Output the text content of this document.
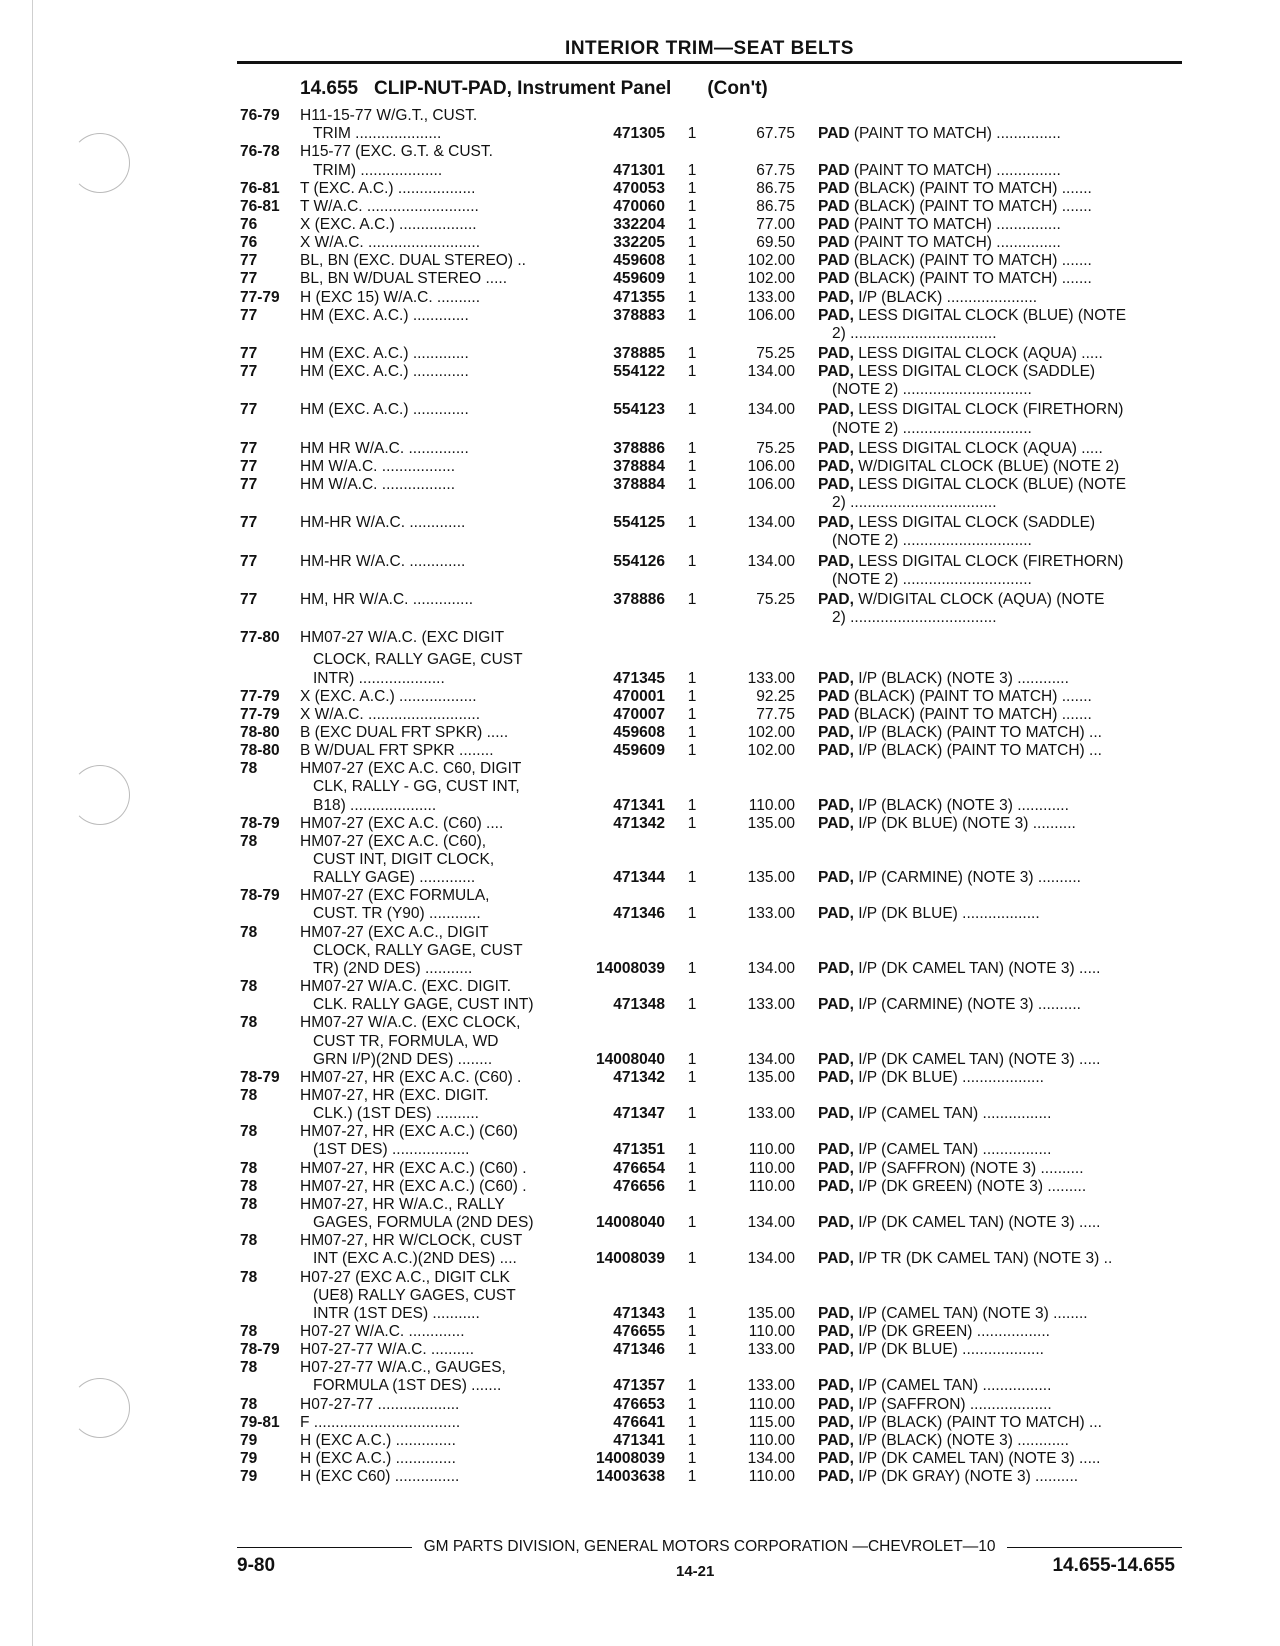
INTERIOR TRIM—SEAT BELTS
14.655 CLIP-NUT-PAD, Instrument Panel (Con't)
76-79	H11-15-77 W/G.T., CUST.
TRIM ....................	471305 1	67.75 PAD (PAINT TO MATCH) ...............
76-78	H15-77 (EXC. G.T. & CUST.
TRIM) ...................	471301 1	67.75 PAD (PAINT TO MATCH) ...............
76-81	T (EXC. A.C.) ..................	470053 1	86.75 PAD (BLACK) (PAINT TO MATCH) .......
76-81	T W/A.C. ..........................	470060 1	86.75 PAD (BLACK) (PAINT TO MATCH) .......
76	X (EXC. A.C.) ..................	332204 1	77.00 PAD (PAINT TO MATCH) ...............
76	X W/A.C. ..........................	332205 1	69.50 PAD (PAINT TO MATCH) ...............
77	BL, BN (EXC. DUAL STEREO) ..	459608 1	102.00 PAD (BLACK) (PAINT TO MATCH) .......
77	BL, BN W/DUAL STEREO .....	459609 1	102.00 PAD (BLACK) (PAINT TO MATCH) .......
77-79	H (EXC 15) W/A.C. ..........	471355 1	133.00 PAD, I/P (BLACK) .....................
77	HM (EXC. A.C.) .............	378883 1	106.00 PAD, LESS DIGITAL CLOCK (BLUE) (NOTE
2) ..................................
77	HM (EXC. A.C.) .............	378885 1	75.25 PAD, LESS DIGITAL CLOCK (AQUA) .....
77	HM (EXC. A.C.) .............	554122 1	134.00 PAD, LESS DIGITAL CLOCK (SADDLE)
(NOTE 2) ..............................
77	HM (EXC. A.C.) .............	554123 1	134.00 PAD, LESS DIGITAL CLOCK (FIRETHORN)
(NOTE 2) ..............................
77	HM HR W/A.C. ..............	378886 1	75.25 PAD, LESS DIGITAL CLOCK (AQUA) .....
77	HM W/A.C. .................	378884 1	106.00 PAD, W/DIGITAL CLOCK (BLUE) (NOTE 2)
77	HM W/A.C. .................	378884 1	106.00 PAD, LESS DIGITAL CLOCK (BLUE) (NOTE
2) ..................................
77	HM-HR W/A.C. .............	554125 1	134.00 PAD, LESS DIGITAL CLOCK (SADDLE)
(NOTE 2) ..............................
77	HM-HR W/A.C. .............	554126 1	134.00 PAD, LESS DIGITAL CLOCK (FIRETHORN)
(NOTE 2) ..............................
77	HM, HR W/A.C. ..............	378886 1	75.25 PAD, W/DIGITAL CLOCK (AQUA) (NOTE
2) ..................................
77-80	HM07-27 W/A.C. (EXC DIGIT
CLOCK, RALLY GAGE, CUST
INTR) ....................	471345 1	133.00 PAD, I/P (BLACK) (NOTE 3) ............
77-79	X (EXC. A.C.) ..................	470001 1	92.25 PAD (BLACK) (PAINT TO MATCH) .......
77-79	X W/A.C. ..........................	470007 1	77.75 PAD (BLACK) (PAINT TO MATCH) .......
78-80	B (EXC DUAL FRT SPKR) .....	459608 1	102.00 PAD, I/P (BLACK) (PAINT TO MATCH) ...
78-80	B W/DUAL FRT SPKR ........	459609 1	102.00 PAD, I/P (BLACK) (PAINT TO MATCH) ...
78	HM07-27 (EXC A.C. C60, DIGIT
CLK, RALLY - GG, CUST INT,
B18) ....................	471341 1	110.00 PAD, I/P (BLACK) (NOTE 3) ............
78-79	HM07-27 (EXC A.C. (C60) ....	471342 1	135.00 PAD, I/P (DK BLUE) (NOTE 3) ..........
78	HM07-27 (EXC A.C. (C60),
CUST INT, DIGIT CLOCK,
RALLY GAGE) .............	471344 1	135.00 PAD, I/P (CARMINE) (NOTE 3) ..........
78-79	HM07-27 (EXC FORMULA,
CUST. TR (Y90) ............	471346 1	133.00 PAD, I/P (DK BLUE) ..................
78	HM07-27 (EXC A.C., DIGIT
CLOCK, RALLY GAGE, CUST
TR) (2ND DES) ...........	14008039 1	134.00 PAD, I/P (DK CAMEL TAN) (NOTE 3) .....
78	HM07-27 W/A.C. (EXC. DIGIT.
CLK. RALLY GAGE, CUST INT)	471348 1	133.00 PAD, I/P (CARMINE) (NOTE 3) ..........
78	HM07-27 W/A.C. (EXC CLOCK,
CUST TR, FORMULA, WD
GRN I/P)(2ND DES) ........	14008040 1	134.00 PAD, I/P (DK CAMEL TAN) (NOTE 3) .....
78-79	HM07-27, HR (EXC A.C. (C60) .	471342 1	135.00 PAD, I/P (DK BLUE) ...................
78	HM07-27, HR (EXC. DIGIT.
CLK.) (1ST DES) ..........	471347 1	133.00 PAD, I/P (CAMEL TAN) ................
78	HM07-27, HR (EXC A.C.) (C60)
(1ST DES) ..................	471351 1	110.00 PAD, I/P (CAMEL TAN) ................
78	HM07-27, HR (EXC A.C.) (C60) .	476654 1	110.00 PAD, I/P (SAFFRON) (NOTE 3) ..........
78	HM07-27, HR (EXC A.C.) (C60) .	476656 1	110.00 PAD, I/P (DK GREEN) (NOTE 3) .........
78	HM07-27, HR W/A.C., RALLY
GAGES, FORMULA (2ND DES)	14008040 1	134.00 PAD, I/P (DK CAMEL TAN) (NOTE 3) .....
78	HM07-27, HR W/CLOCK, CUST
INT (EXC A.C.)(2ND DES) ....	14008039 1	134.00 PAD, I/P TR (DK CAMEL TAN) (NOTE 3) ..
78	H07-27 (EXC A.C., DIGIT CLK
(UE8) RALLY GAGES, CUST
INTR (1ST DES) ...........	471343 1	135.00 PAD, I/P (CAMEL TAN) (NOTE 3) ........
78	H07-27 W/A.C. .............	476655 1	110.00 PAD, I/P (DK GREEN) .................
78-79	H07-27-77 W/A.C. ..........	471346 1	133.00 PAD, I/P (DK BLUE) ...................
78	H07-27-77 W/A.C., GAUGES,
FORMULA (1ST DES) .......	471357 1	133.00 PAD, I/P (CAMEL TAN) ................
78	H07-27-77 ...................	476653 1	110.00 PAD, I/P (SAFFRON) ...................
79-81	F ..................................	476641 1	115.00 PAD, I/P (BLACK) (PAINT TO MATCH) ...
79	H (EXC A.C.) ..............	471341 1	110.00 PAD, I/P (BLACK) (NOTE 3) ............
79	H (EXC A.C.) ..............	14008039 1	134.00 PAD, I/P (DK CAMEL TAN) (NOTE 3) .....
79	H (EXC C60) ...............	14003638 1	110.00 PAD, I/P (DK GRAY) (NOTE 3) ..........
GM PARTS DIVISION, GENERAL MOTORS CORPORATION —CHEVROLET—10
9-80	14-21	14.655-14.655
